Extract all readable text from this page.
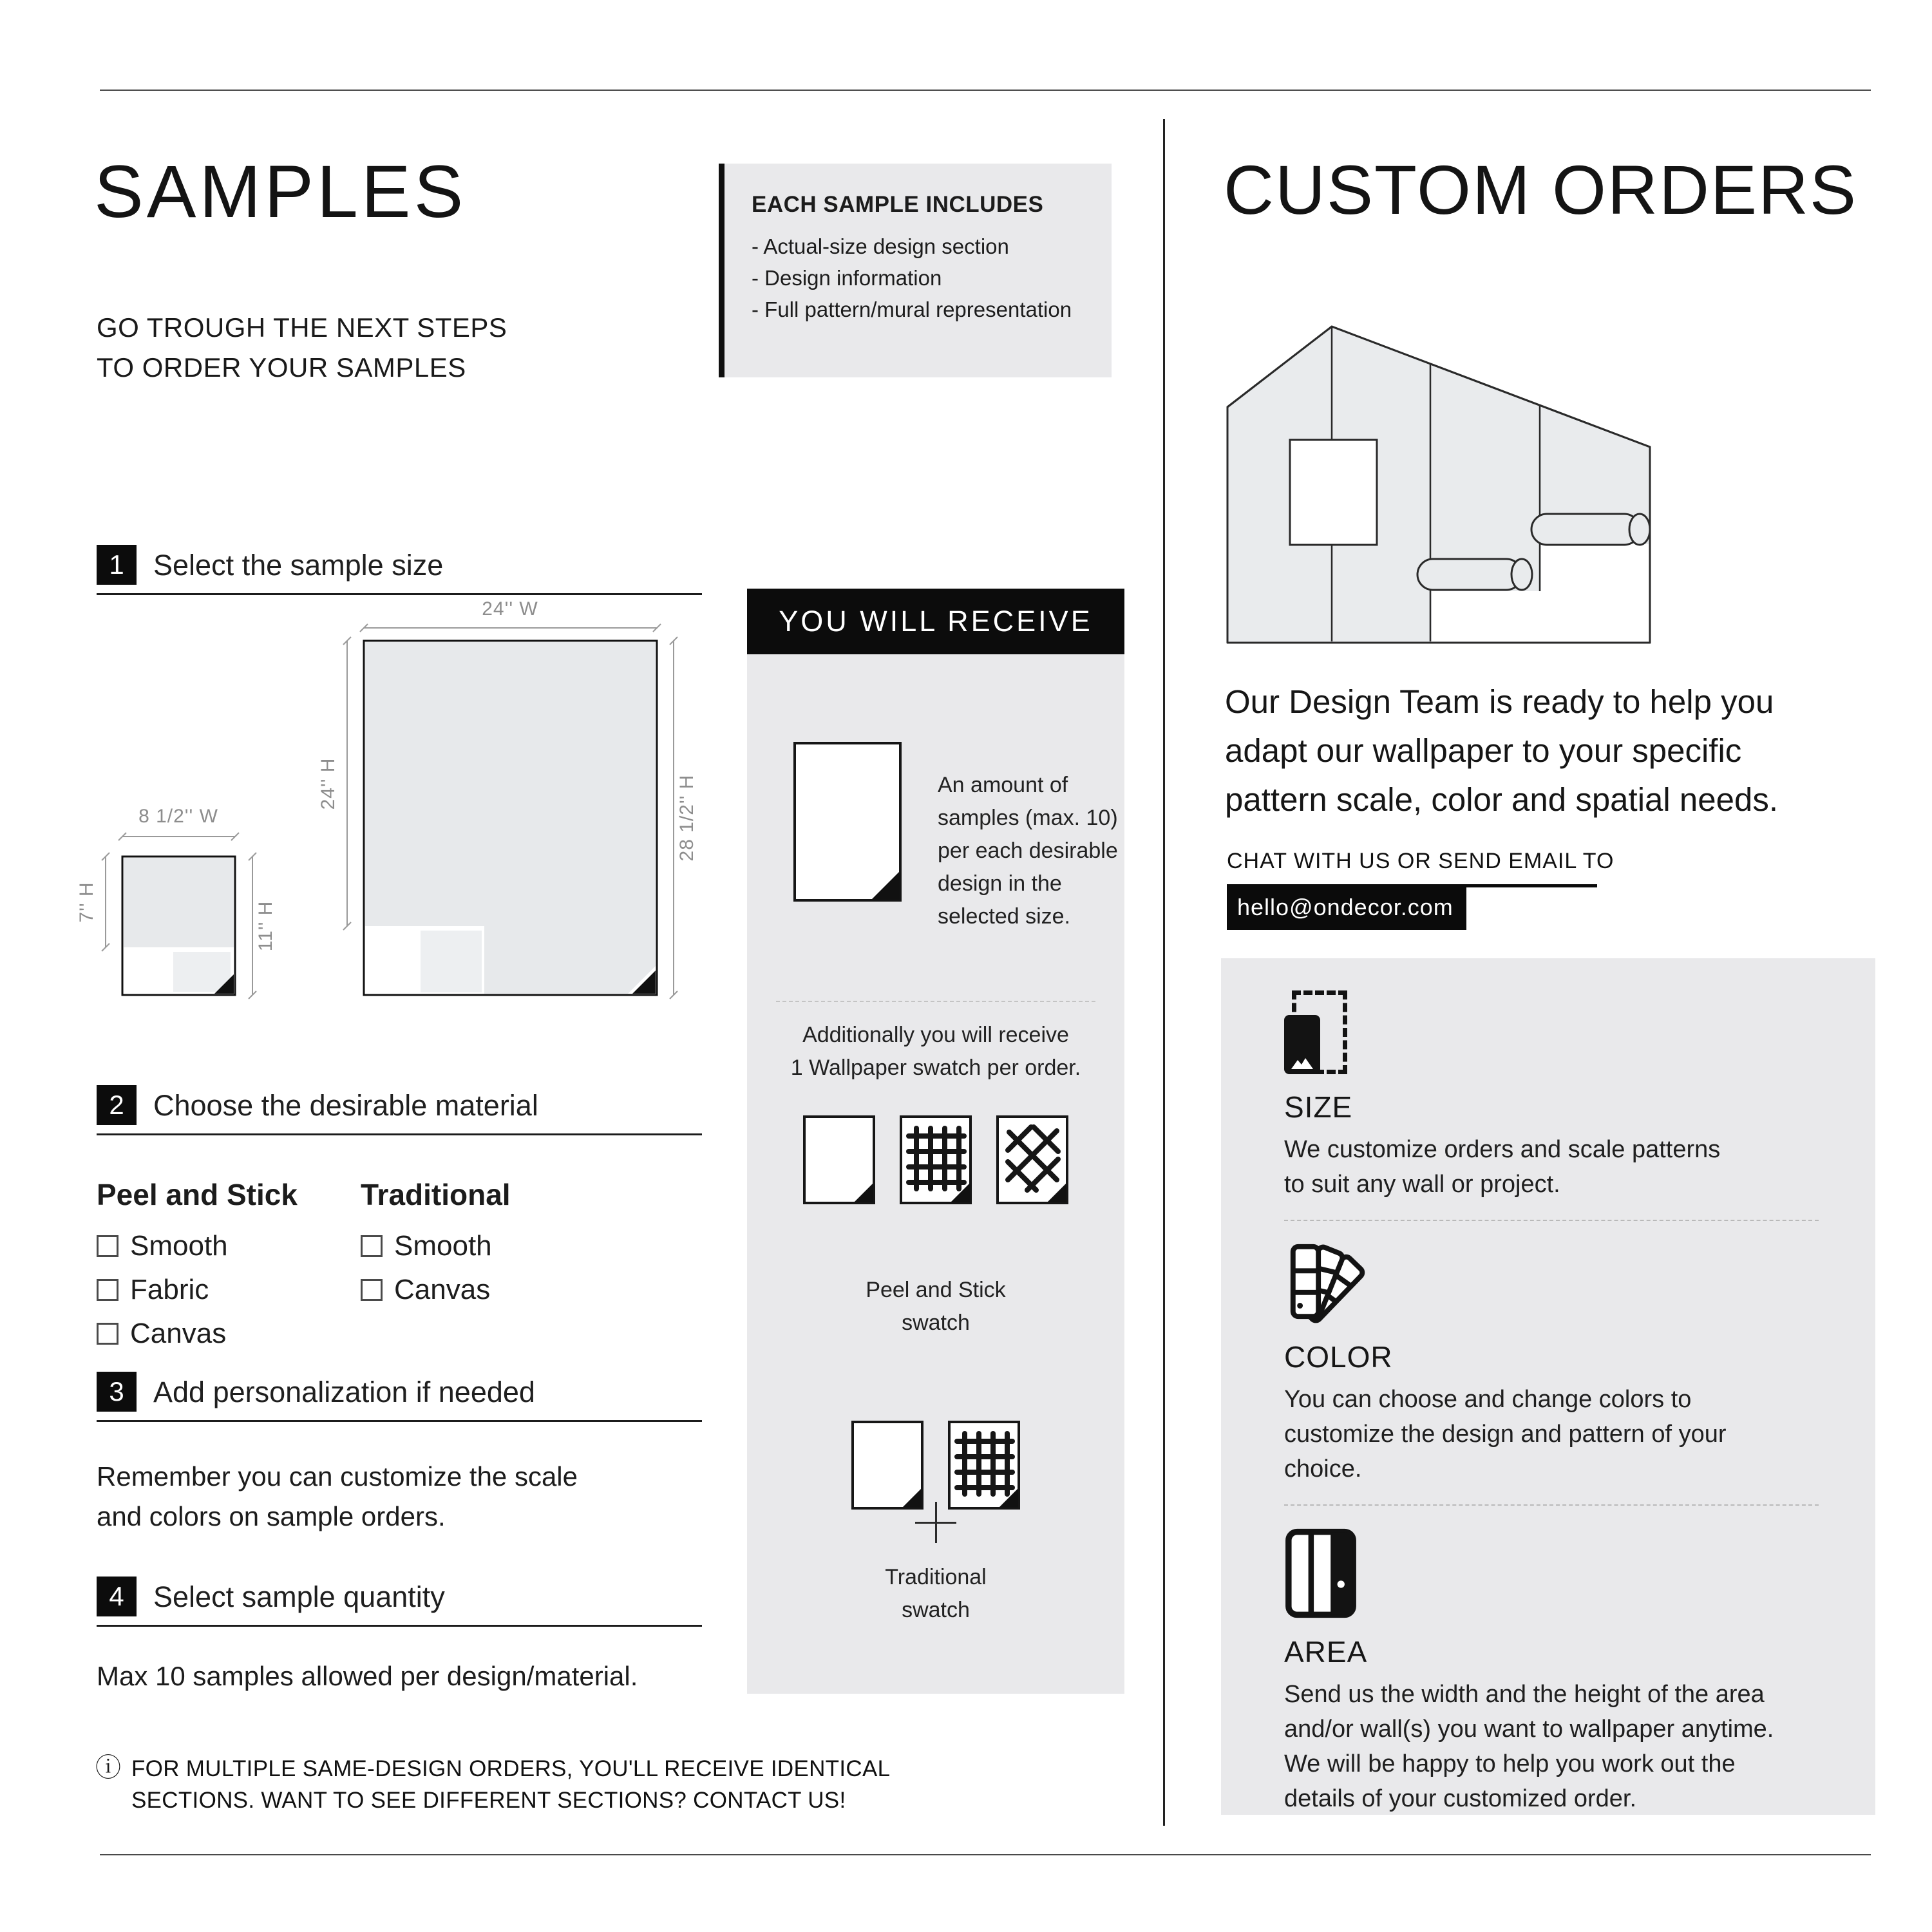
SAMPLES
GO TROUGH THE NEXT STEPS
TO ORDER YOUR SAMPLES
EACH SAMPLE INCLUDES
- Actual-size design section
- Design information
- Full pattern/mural representation
1	Select the sample size
24'' W
24'' H	28 1/2'' H
8 1/2'' W
7'' H	11'' H
2	Choose the desirable material
Peel and Stick
Smooth
Fabric
Canvas
Traditional
Smooth
Canvas
3	Add personalization if needed
Remember you can customize the scale
and colors on sample orders.
4	Select sample quantity
Max 10 samples allowed per design/material.
ⓘ FOR MULTIPLE SAME-DESIGN ORDERS, YOU'LL RECEIVE IDENTICAL
SECTIONS. WANT TO SEE DIFFERENT SECTIONS? CONTACT US!
YOU WILL RECEIVE
An amount of
samples (max. 10)
per each desirable
design in the
selected size.
Additionally you will receive
1 Wallpaper swatch per order.
Peel and Stick
swatch
Traditional
swatch
CUSTOM ORDERS
Our Design Team is ready to help you
adapt our wallpaper to your specific
pattern scale, color and spatial needs.
CHAT WITH US OR SEND EMAIL TO
hello@ondecor.com
SIZE
We customize orders and scale patterns
to suit any wall or project.
COLOR
You can choose and change colors to
customize the design and pattern of your
choice.
AREA
Send us the width and the height of the area
and/or wall(s) you want to wallpaper anytime.
We will be happy to help you work out the
details of your customized order.
